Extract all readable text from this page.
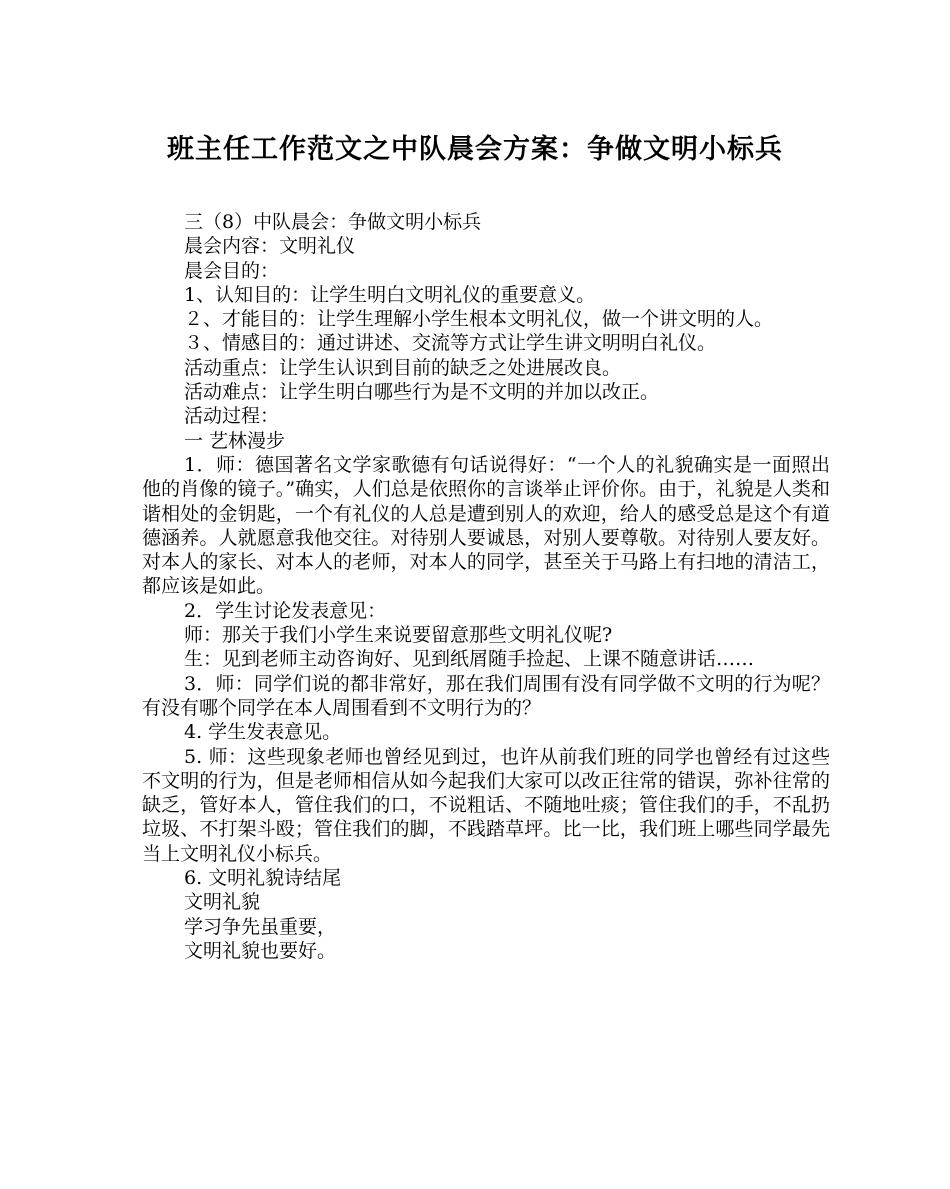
班主任工作范文之中队晨会方案：争做文明小标兵

三（8）中队晨会：争做文明小标兵

晨会内容：文明礼仪

晨会目的：

1、认知目的：让学生明白文明礼仪的重要意义。

２、才能目的：让学生理解小学生根本文明礼仪，做一个讲文明的人。

３、情感目的：通过讲述、交流等方式让学生讲文明明白礼仪。

活动重点：让学生认识到目前的缺乏之处进展改良。

活动难点：让学生明白哪些行为是不文明的并加以改正。

活动过程：

一 艺林漫步

1．师：德国著名文学家歌德有句话说得好：“一个人的礼貌确实是一面照出他的肖像的镜子。”确实，人们总是依照你的言谈举止评价你。由于，礼貌是人类和谐相处的金钥匙，一个有礼仪的人总是遭到别人的欢迎，给人的感受总是这个有道德涵养。人就愿意我他交往。对待别人要诚恳，对别人要尊敬。对待别人要友好。对本人的家长、对本人的老师，对本人的同学，甚至关于马路上有扫地的清洁工，都应该是如此。

2．学生讨论发表意见：

师：那关于我们小学生来说要留意那些文明礼仪呢?

生：见到老师主动咨询好、见到纸屑随手捡起、上课不随意讲话……

3．师：同学们说的都非常好，那在我们周围有没有同学做不文明的行为呢？有没有哪个同学在本人周围看到不文明行为的？

4. 学生发表意见。

5. 师：这些现象老师也曾经见到过，也许从前我们班的同学也曾经有过这些不文明的行为，但是老师相信从如今起我们大家可以改正往常的错误，弥补往常的缺乏，管好本人，管住我们的口，不说粗话、不随地吐痰；管住我们的手，不乱扔垃圾、不打架斗殴；管住我们的脚，不践踏草坪。比一比，我们班上哪些同学最先当上文明礼仪小标兵。

6. 文明礼貌诗结尾

文明礼貌

学习争先虽重要，

文明礼貌也要好。
